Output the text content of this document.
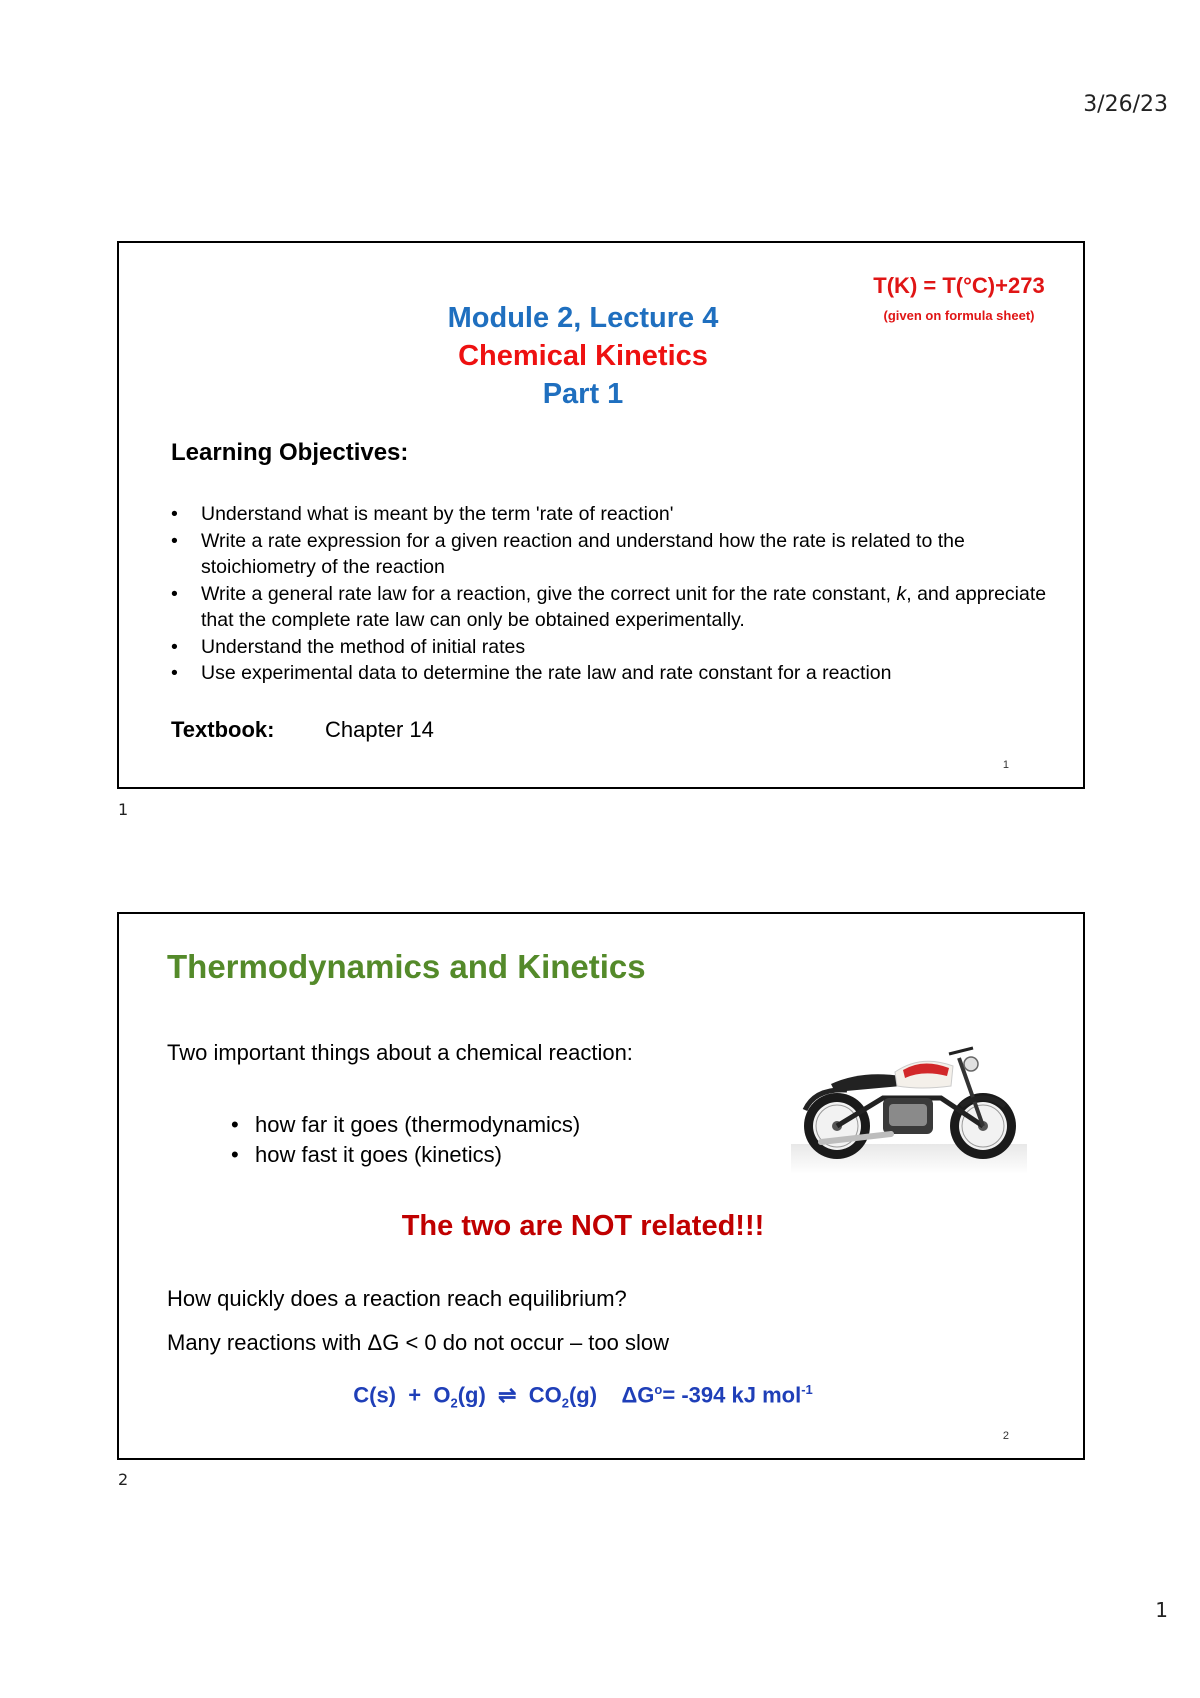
3/26/23
Module 2, Lecture 4
Chemical Kinetics
Part 1
T(K) = T(°C)+273
(given on formula sheet)
Learning Objectives:
• Understand what is meant by the term 'rate of reaction'
• Write a rate expression for a given reaction and understand how the rate is related to the stoichiometry of the reaction
• Write a general rate law for a reaction, give the correct unit for the rate constant, k, and appreciate that the complete rate law can only be obtained experimentally.
• Understand the method of initial rates
• Use experimental data to determine the rate law and rate constant for a reaction
Textbook: Chapter 14
1
1
Thermodynamics and Kinetics
Two important things about a chemical reaction:
• how far it goes (thermodynamics)
• how fast it goes (kinetics)
The two are NOT related!!!
How quickly does a reaction reach equilibrium?
Many reactions with ΔG < 0 do not occur – too slow
$C(s) + O_2(g)$ ⇌ $CO_2(g)$ $\Delta G^o= -394$ kJ mol$^{-1}$
2
2
1
